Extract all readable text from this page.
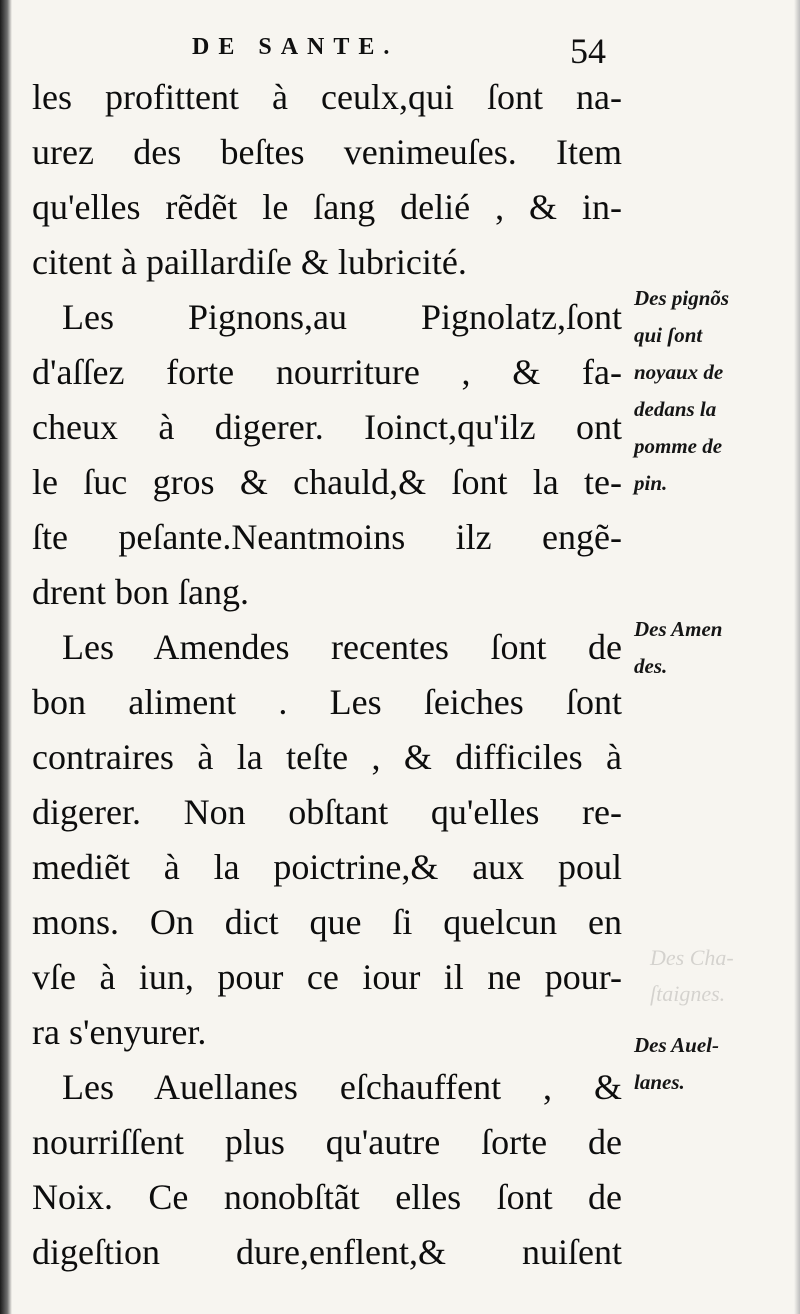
DE SANTE.	54
les profittent à ceulx,qui ſont na-
urez des beſtes venimeuſes. Item
qu'elles rẽdẽt le ſang delié , & in-
citent à paillardiſe & lubricité.
Les Pignons,au Pignolatz,ſont
d'aſſez forte nourriture , & fa-
cheux à digerer. Ioinct,qu'ilz ont
le ſuc gros & chauld,& ſont la te-
ſte peſante.Neantmoins ilz engẽ-
drent bon ſang.
Les Amendes recentes ſont de
bon aliment . Les ſeiches ſont
contraires à la teſte , & difficiles à
digerer. Non obſtant qu'elles re-
mediẽt à la poictrine,& aux poul
mons. On dict que ſi quelcun en
vſe à iun, pour ce iour il ne pour-
ra s'enyurer.
Les Auellanes eſchauffent , &
nourriſſent plus qu'autre ſorte de
Noix. Ce nonobſtãt elles ſont de
digeſtion dure,enflent,& nuiſent
Des pignõs
qui ſont
noyaux de
dedans la
pomme de
pin.
Des Amen
des.
Des Auel-
lanes.
Des Cha-
ſtaignes.
